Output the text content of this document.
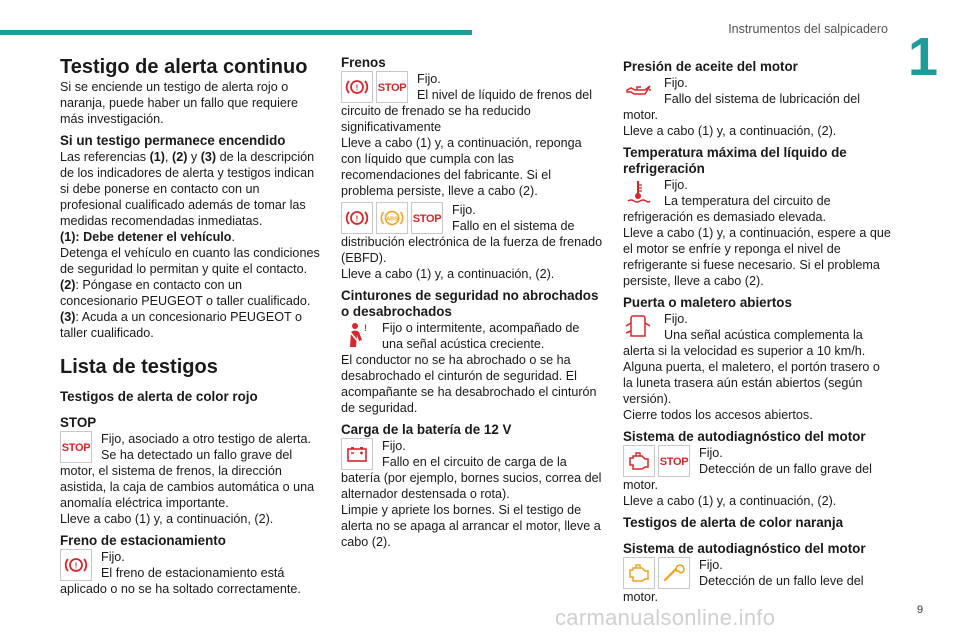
Instrumentos del salpicadero 1

Testigo de alerta continuo

Si se enciende un testigo de alerta rojo o naranja, puede haber un fallo que requiere más investigación.

Si un testigo permanece encendido

Las referencias (1), (2) y (3) de la descripción de los indicadores de alerta y testigos indican si debe ponerse en contacto con un profesional cualificado además de tomar las medidas recomendadas inmediatas.

(1): Debe detener el vehículo.

Detenga el vehículo en cuanto las condiciones de seguridad lo permitan y quite el contacto.

(2): Póngase en contacto con un concesionario PEUGEOT o taller cualificado.

(3): Acuda a un concesionario PEUGEOT o taller cualificado.

Lista de testigos

Testigos de alerta de color rojo

STOP

STOP
Fijo, asociado a otro testigo de alerta. Se ha detectado un fallo grave del motor, el sistema de frenos, la dirección asistida, la caja de cambios automática o una anomalía eléctrica importante.

Lleve a cabo (1) y, a continuación, (2).

Freno de estacionamiento

!

Fijo.

El freno de estacionamiento está aplicado o no se ha soltado correctamente.

Frenos

! STOP

Fijo.

El nivel de líquido de frenos del circuito de frenado se ha reducido significativamente

Lleve a cabo (1) y, a continuación, reponga con líquido que cumpla con las recomendaciones del fabricante. Si el problema persiste, lleve a cabo (2).

!	ABS STOP

Fijo.

Fallo en el sistema de distribución electrónica de la fuerza de frenado (EBFD).

Lleve a cabo (1) y, a continuación, (2).

Cinturones de seguridad no abrochados o desabrochados

! Fijo o intermitente, acompañado de una señal acústica creciente.

El conductor no se ha abrochado o se ha desabrochado el cinturón de seguridad. El acompañante se ha desabrochado el cinturón de seguridad.

Carga de la batería de 12 V

Fijo.

Fallo en el circuito de carga de la batería (por ejemplo, bornes sucios, correa del alternador destensada o rota).

Limpie y apriete los bornes. Si el testigo de alerta no se apaga al arrancar el motor, lleve a cabo (2).

Presión de aceite del motor

Fijo.

Fallo del sistema de lubricación del motor.

Lleve a cabo (1) y, a continuación, (2).

Temperatura máxima del líquido de refrigeración

Fijo.

La temperatura del circuito de refrigeración es demasiado elevada.

Lleve a cabo (1) y, a continuación, espere a que el motor se enfríe y reponga el nivel de refrigerante si fuese necesario. Si el problema persiste, lleve a cabo (2).

Puerta o maletero abiertos

Fijo.

Una señal acústica complementa la alerta si la velocidad es superior a 10 km/h.

Alguna puerta, el maletero, el portón trasero o la luneta trasera aún están abiertos (según versión).

Cierre todos los accesos abiertos.

Sistema de autodiagnóstico del motor

STOP

Fijo.

Detección de un fallo grave del motor.

Lleve a cabo (1) y, a continuación, (2).

Testigos de alerta de color naranja

Sistema de autodiagnóstico del motor

Fijo.

Detección de un fallo leve del motor.
carmanualsonline.info	9
